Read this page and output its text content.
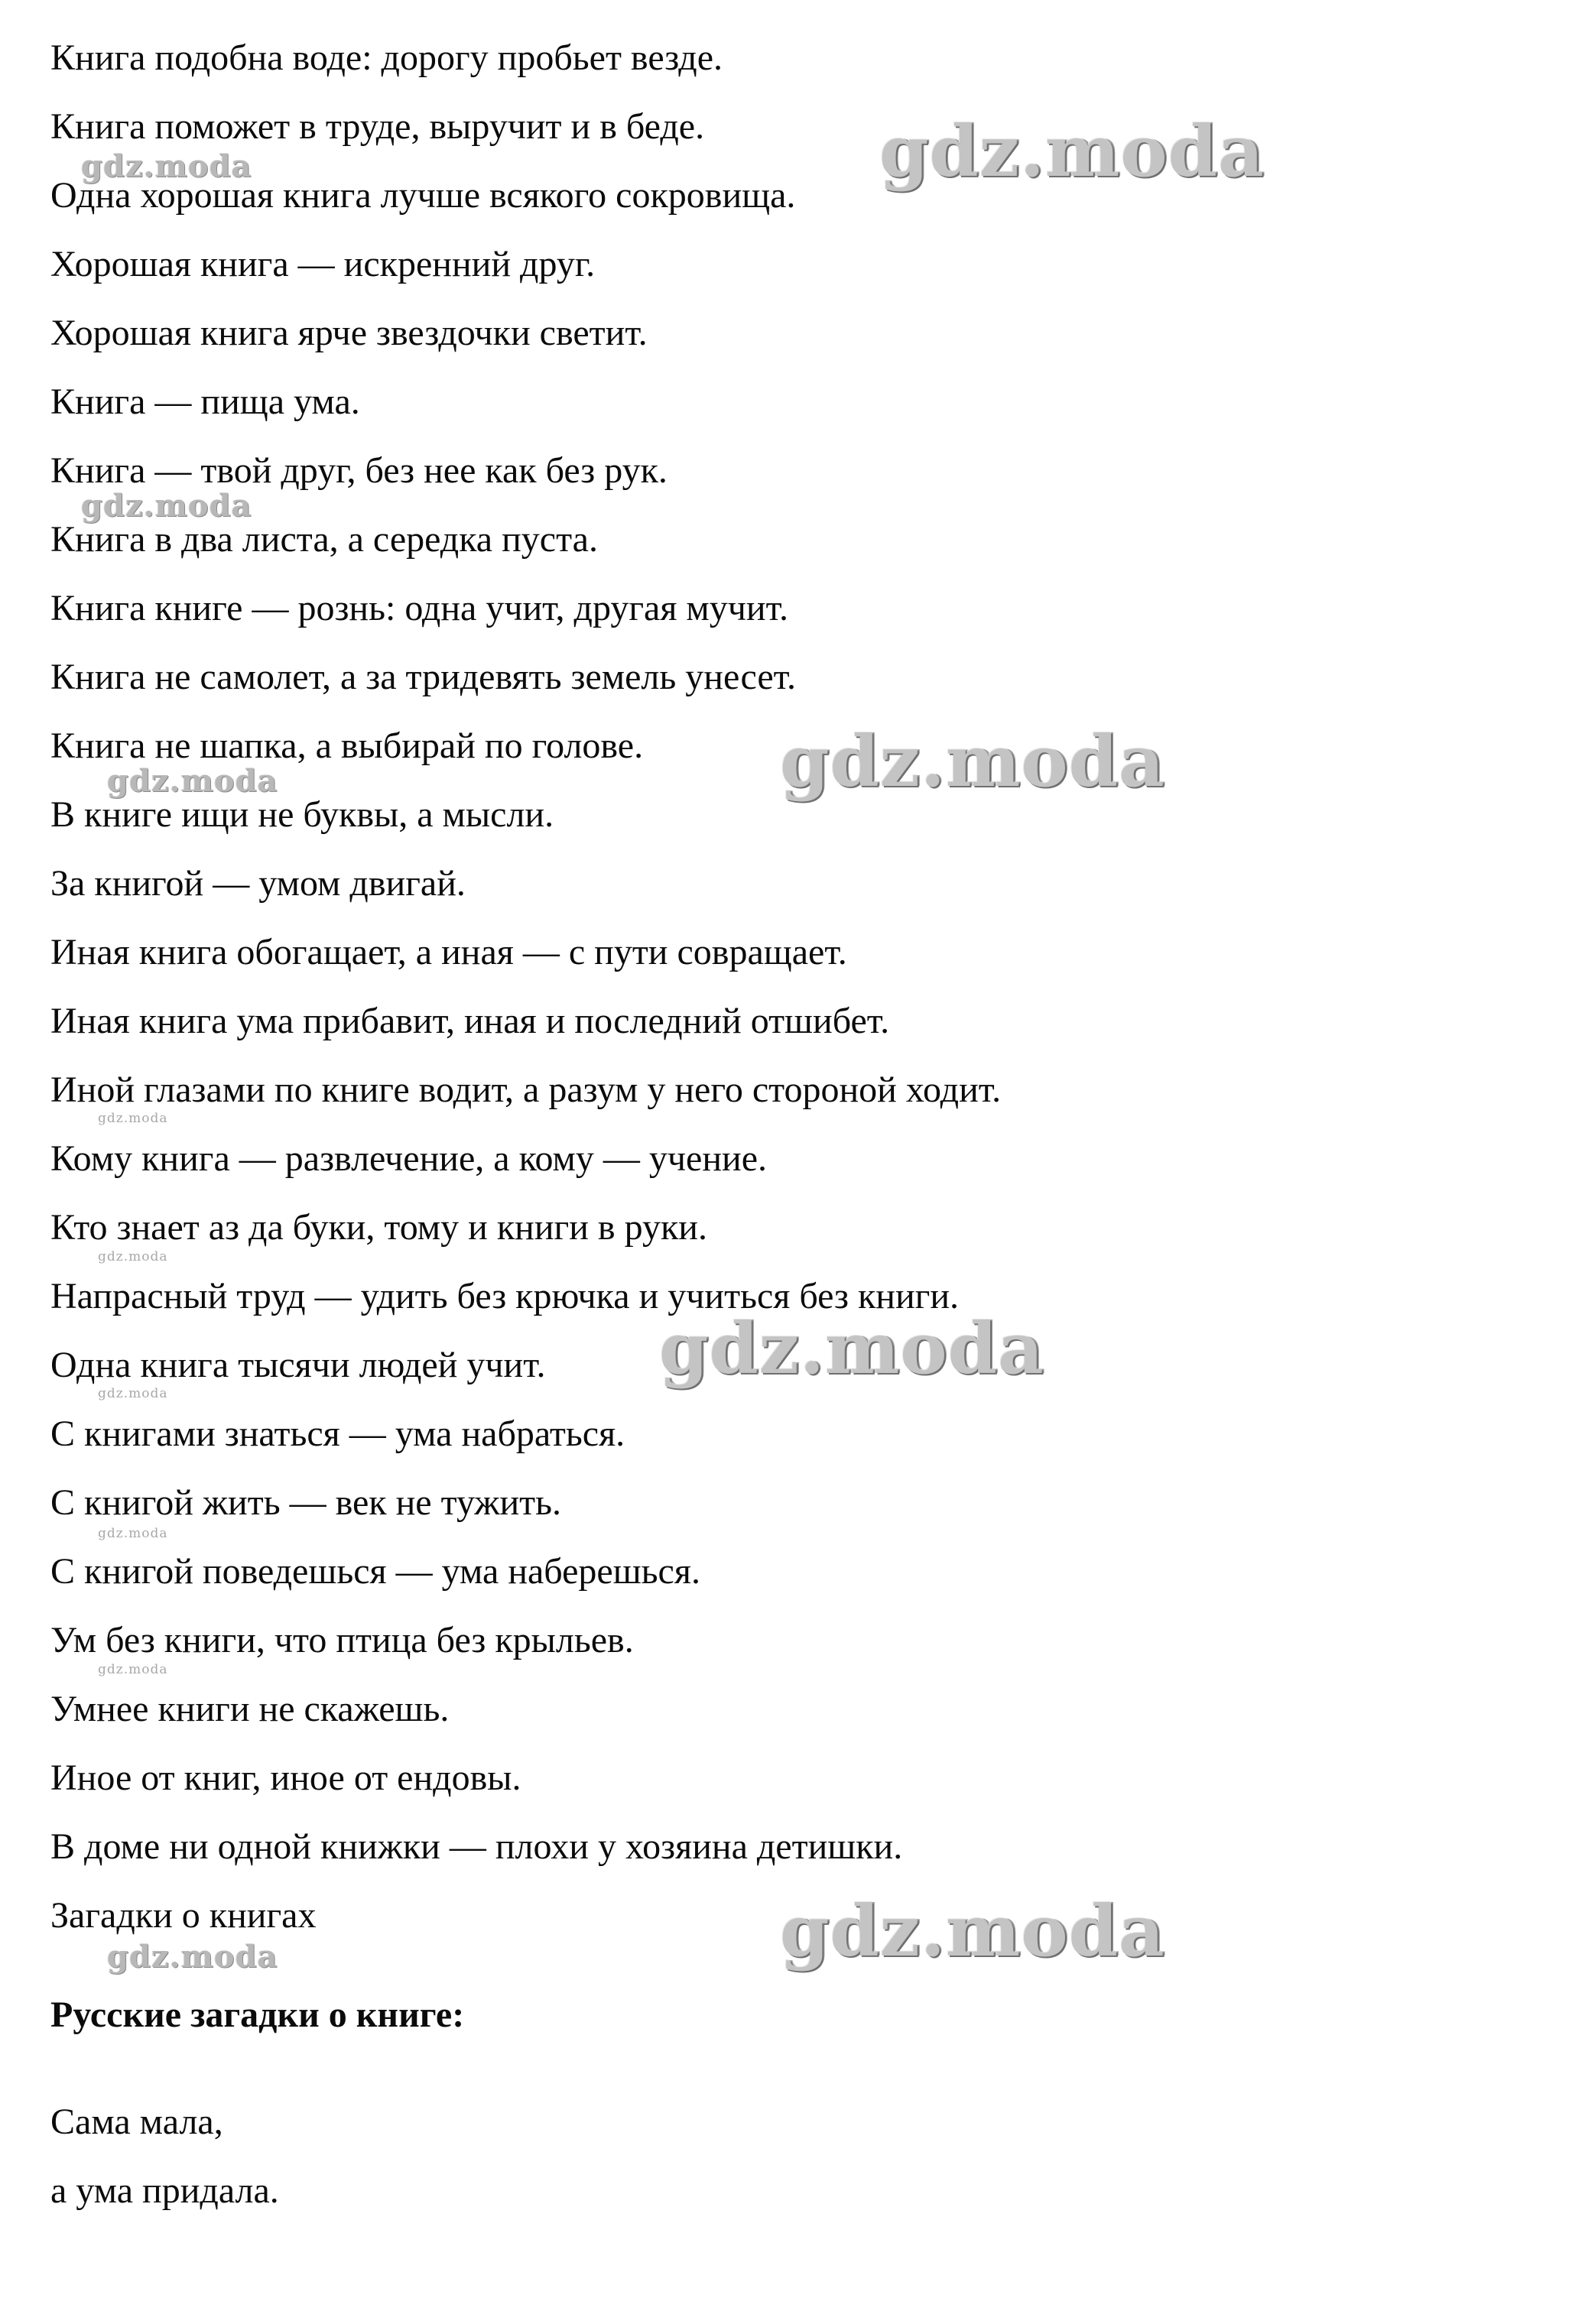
Книга подобна воде: дорогу пробьет везде.
Книга поможет в труде, выручит и в беде.
Одна хорошая книга лучше всякого сокровища.
Хорошая книга — искренний друг.
Хорошая книга ярче звездочки светит.
Книга — пища ума.
Книга — твой друг, без нее как без рук.
Книга в два листа, а середка пуста.
Книга книге — рознь: одна учит, другая мучит.
Книга не самолет, а за тридевять земель унесет.
Книга не шапка, а выбирай по голове.
В книге ищи не буквы, а мысли.
За книгой — умом двигай.
Иная книга обогащает, а иная — с пути совращает.
Иная книга ума прибавит, иная и последний отшибет.
Иной глазами по книге водит, а разум у него стороной ходит.
Кому книга — развлечение, а кому — учение.
Кто знает аз да буки, тому и книги в руки.
Напрасный труд — удить без крючка и учиться без книги.
Одна книга тысячи людей учит.
С книгами знаться — ума набраться.
С книгой жить — век не тужить.
С книгой поведешься — ума наберешься.
Ум без книги, что птица без крыльев.
Умнее книги не скажешь.
Иное от книг, иное от ендовы.
В доме ни одной книжки — плохи у хозяина детишки.
Загадки о книгах
Русские загадки о книге:
Сама мала,
а ума придала.
gdz.moda
gdz.moda
gdz.moda
gdz.moda
gdz.moda
gdz.moda
gdz.moda
gdz.moda
gdz.moda
gdz.moda
gdz.moda
gdz.moda	gdz.moda
